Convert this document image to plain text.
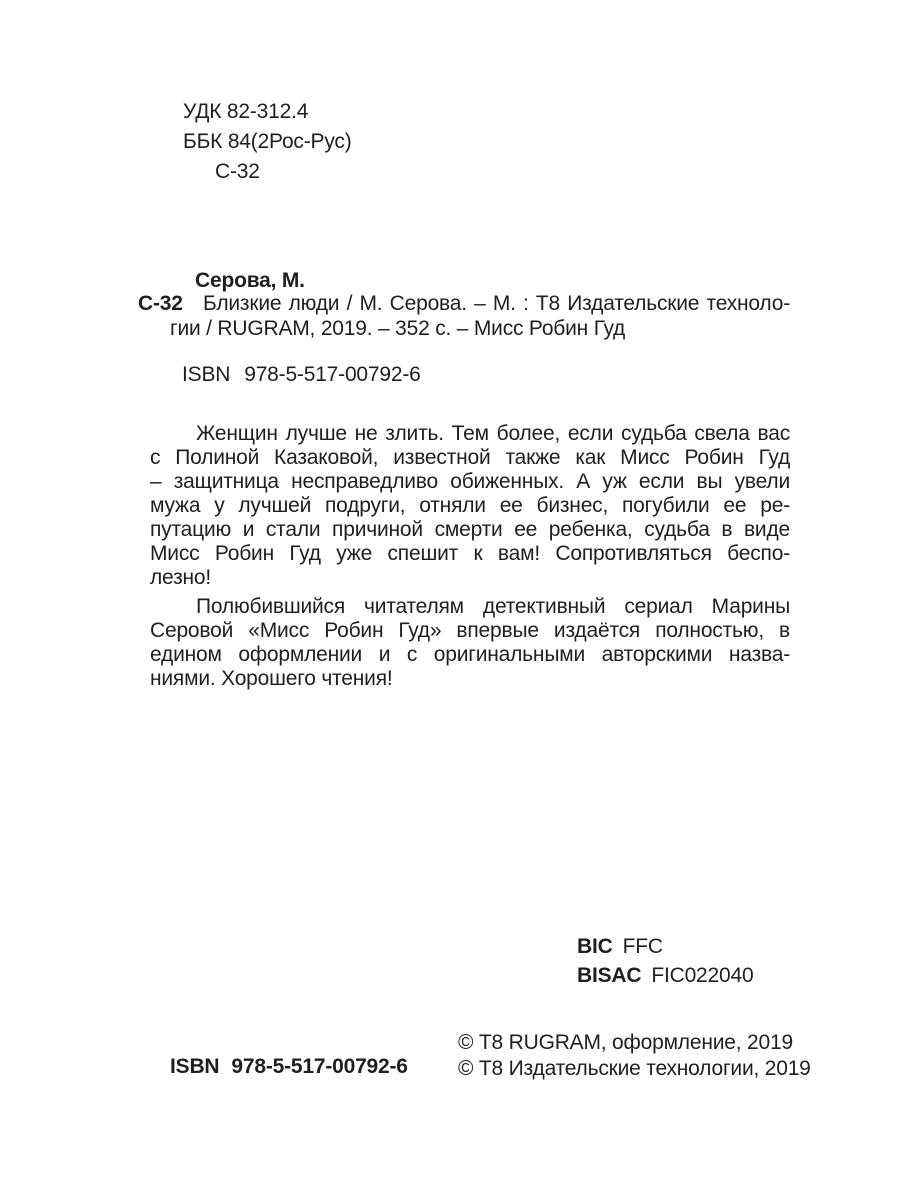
УДК 82-312.4
ББК 84(2Рос-Рус)
С-32
Серова, М.
С-32 Близкие люди / М. Серова. – М. : Т8 Издательские техноло-
гии / RUGRAM, 2019. – 352 с. – Мисс Робин Гуд
ISBN 978-5-517-00792-6
Женщин лучше не злить. Тем более, если судьба свела вас
с Полиной Казаковой, известной также как Мисс Робин Гуд
– защитница несправедливо обиженных. А уж если вы увели
мужа у лучшей подруги, отняли ее бизнес, погубили ее ре-
путацию и стали причиной смерти ее ребенка, судьба в виде
Мисс Робин Гуд уже спешит к вам! Сопротивляться беспо-
лезно!
Полюбившийся читателям детективный сериал Марины
Серовой «Мисс Робин Гуд» впервые издаётся полностью, в
едином оформлении и с оригинальными авторскими назва-
ниями. Хорошего чтения!
BIC FFC
BISAC FIC022040
ISBN 978-5-517-00792-6
© Т8 RUGRAM, оформление, 2019
© Т8 Издательские технологии, 2019
